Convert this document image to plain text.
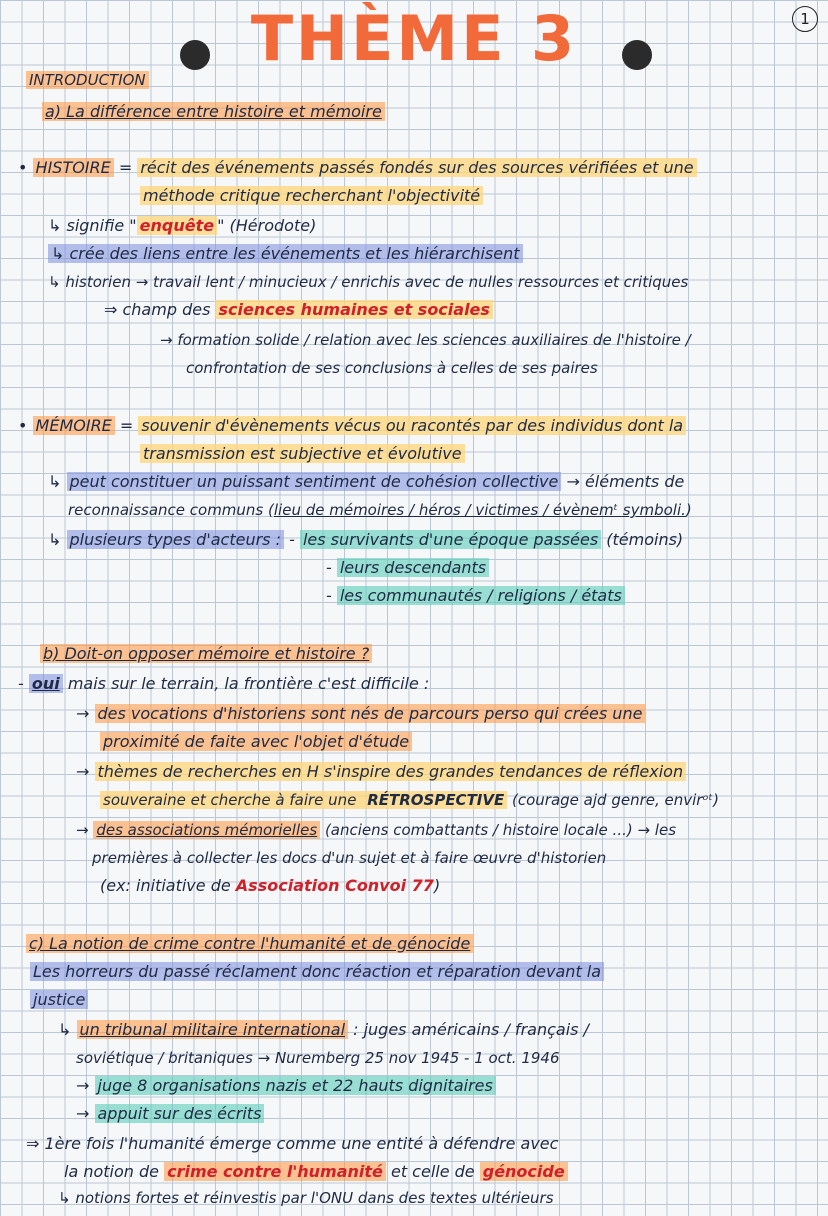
1
THÈME 3
INTRODUCTION
a) La différence entre histoire et mémoire
• HISTOIRE = récit des événements passés fondés sur des sources vérifiées et une
méthode critique recherchant l'objectivité
↳ signifie " enquête " (Hérodote)
↳ crée des liens entre les événements et les hiérarchisent
↳ historien → travail lent / minucieux / enrichis avec de nulles ressources et critiques
⇒ champ des sciences humaines et sociales
→ formation solide / relation avec les sciences auxiliaires de l'histoire /
confrontation de ses conclusions à celles de ses paires
• MÉMOIRE = souvenir d'évènements vécus ou racontés par des individus dont la
transmission est subjective et évolutive
↳ peut constituer un puissant sentiment de cohésion collective → éléments de
reconnaissance communs (lieu de mémoires / héros / victimes / évènemᵗ symboli.)
↳ plusieurs types d'acteurs : - les survivants d'une époque passées (témoins)
- leurs descendants
- les communautés / religions / états
b) Doit-on opposer mémoire et histoire ?
- oui mais sur le terrain, la frontière c'est difficile :
→ des vocations d'historiens sont nés de parcours perso qui crées une
proximité de faite avec l'objet d'étude
→ thèmes de recherches en H s'inspire des grandes tendances de réflexion
souveraine et cherche à faire une RÉTROSPECTIVE (courage ajd genre, envirᵒᵗ)
→ des associations mémorielles (anciens combattants / histoire locale ...) → les
premières à collecter les docs d'un sujet et à faire œuvre d'historien
(ex: initiative de Association Convoi 77)
c) La notion de crime contre l'humanité et de génocide
Les horreurs du passé réclament donc réaction et réparation devant la
justice
↳ un tribunal militaire international : juges américains / français /
soviétique / britaniques → Nuremberg 25 nov 1945 - 1 oct. 1946
→ juge 8 organisations nazis et 22 hauts dignitaires
→ appuit sur des écrits
⇒ 1ère fois l'humanité émerge comme une entité à défendre avec
la notion de crime contre l'humanité et celle de génocide
↳ notions fortes et réinvestis par l'ONU dans des textes ultérieurs
